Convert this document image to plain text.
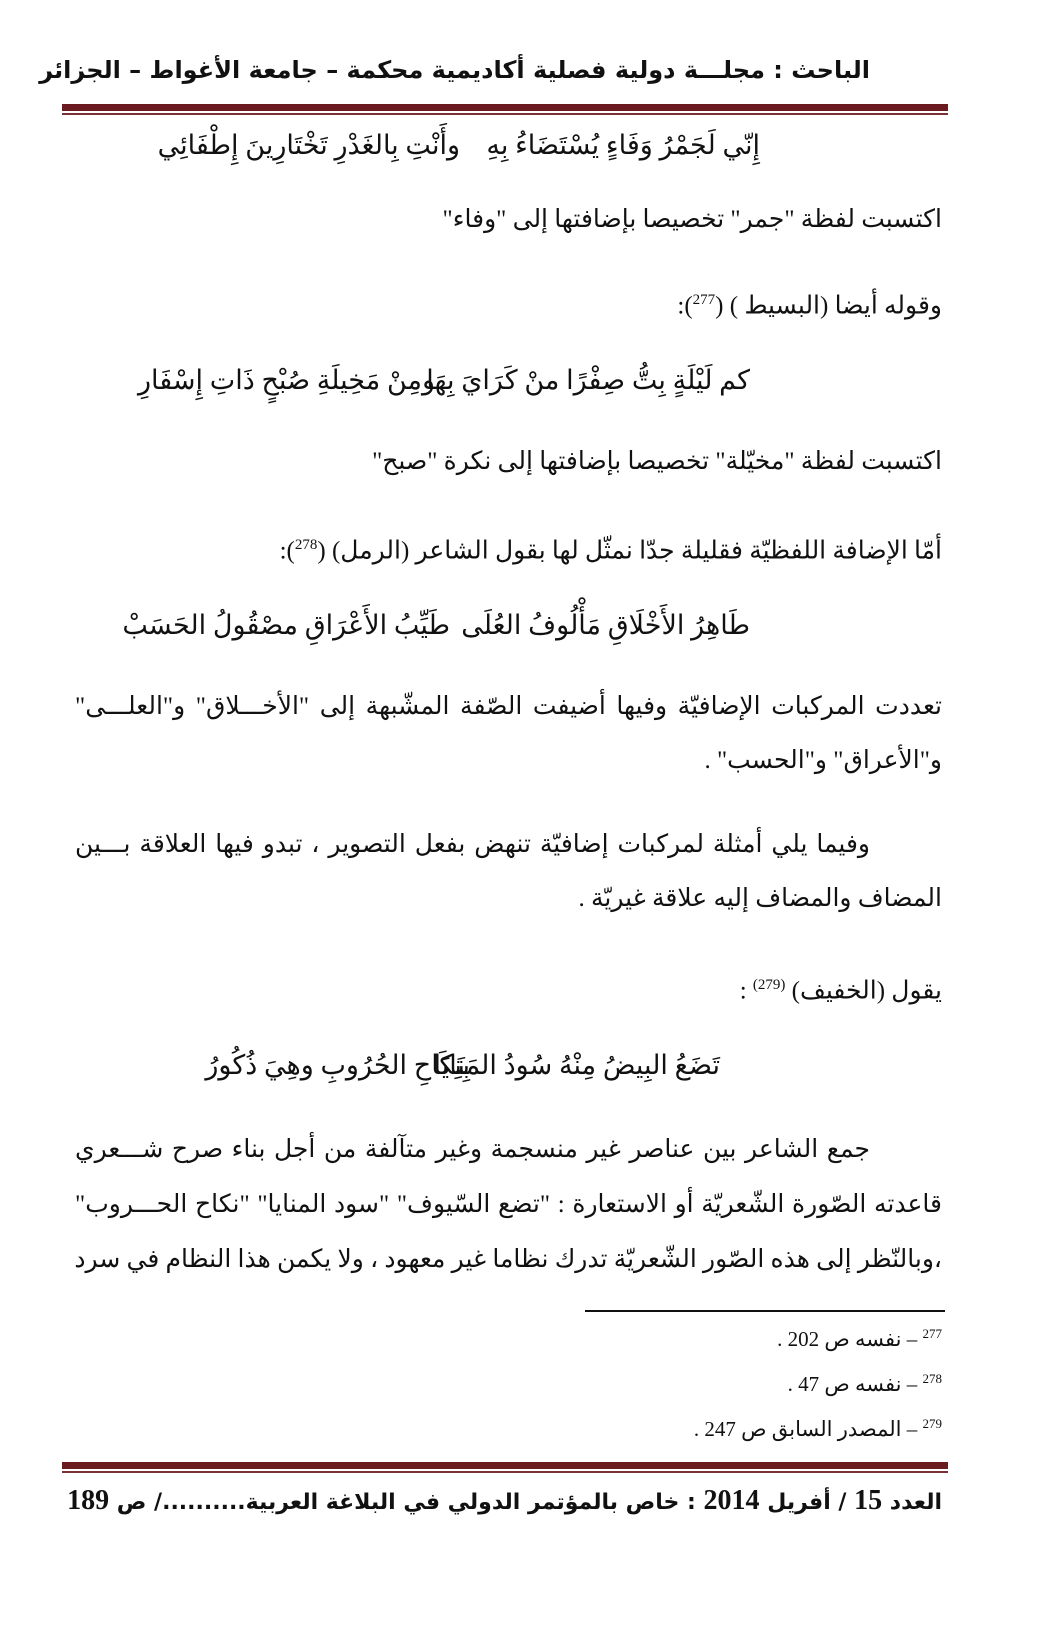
الباحث : مجلـــة دولية فصلية أكاديمية محكمة – جامعة الأغواط – الجزائر
إِنّي لَجَمْرُ وَفَاءٍ يُسْتَضَاءُ بِهِ
وأَنْتِ بِالغَدْرِ تَخْتَارِينَ إِطْفَائِي
اكتسبت لفظة "جمر" تخصيصا بإضافتها إلى "وفاء"
وقوله أيضا (البسيط ) ($^{277}$):
كم لَيْلَةٍ بِتُّ صِفْرًا منْ كَرَايَ بِهَا
ومِنْ مَخِيلَةِ صُبْحٍ ذَاتِ إِسْفَارِ
اكتسبت لفظة "مخيّلة" تخصيصا بإضافتها إلى نكرة "صبح"
أمّا الإضافة اللفظيّة فقليلة جدّا نمثّل لها بقول الشاعر (الرمل) ($^{278}$):
طَاهِرُ الأَخْلَاقِ مَأْلُوفُ العُلَى
طَيِّبُ الأَعْرَاقِ مصْقُولُ الحَسَبْ
تعددت المركبات الإضافيّة وفيها أضيفت الصّفة المشّبهة إلى "الأخـــلاق" و"العلـــى"
و"الأعراق" و"الحسب" .
وفيما يلي أمثلة لمركبات إضافيّة تنهض بفعل التصوير ، تبدو فيها العلاقة بـــين
المضاف والمضاف إليه علاقة غيريّة .
يقول (الخفيف) $^{(279)}$ :
تَضَعُ البِيضُ مِنْهُ سُودُ المَنَايَا
بِنِكَاحِ الحُرُوبِ وهِيَ ذُكُورُ
جمع الشاعر بين عناصر غير منسجمة وغير متآلفة من أجل بناء صرح شـــعري
قاعدته الصّورة الشّعريّة أو الاستعارة : "تضع السّيوف" "سود المنايا" "نكاح الحـــروب"
،وبالنّظر إلى هذه الصّور الشّعريّة تدرك نظاما غير معهود ، ولا يكمن هذا النظام في سرد
$^{277}$ – نفسه ص 202 .
$^{278}$ – نفسه ص 47 .
$^{279}$ – المصدر السابق ص 247 .
العدد 15 / أفريل 2014 : خاص بالمؤتمر الدولي في البلاغة العربية........../ ص 189
